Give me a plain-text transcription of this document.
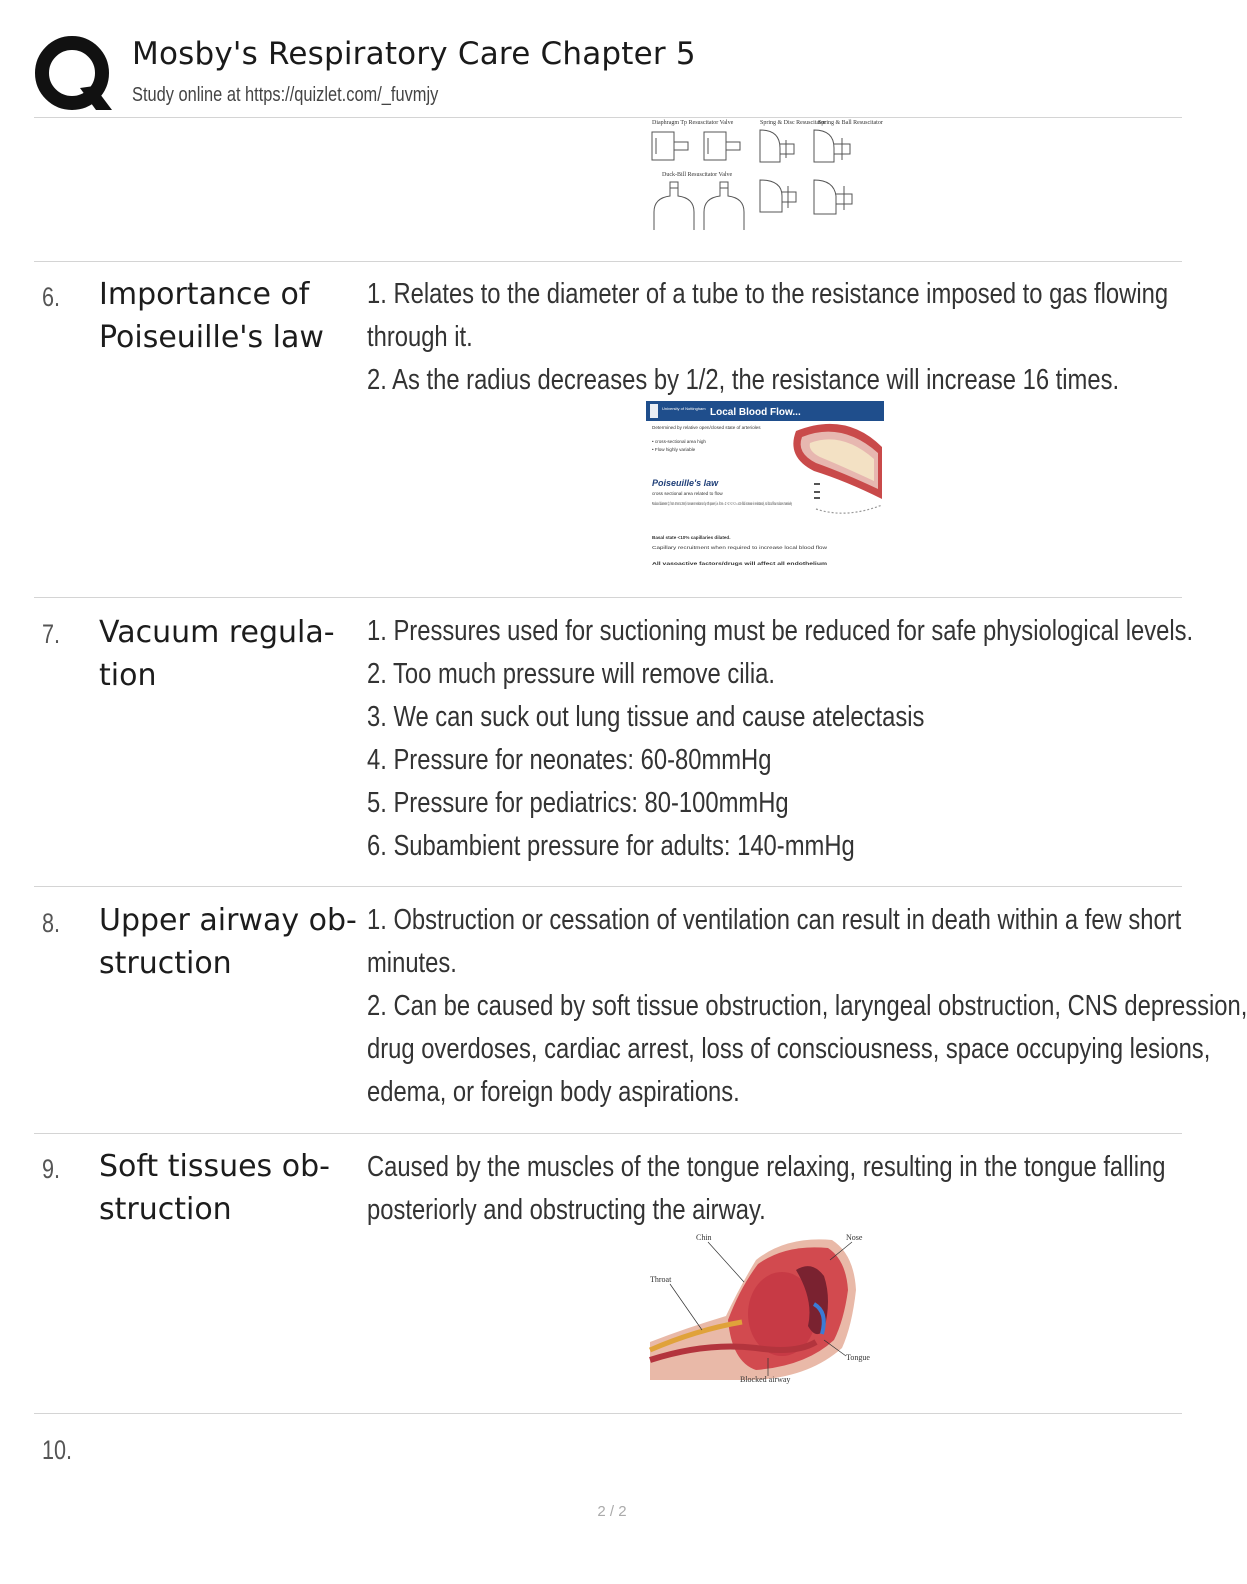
Mosby's Respiratory Care Chapter 5
Study online at https://quizlet.com/_fuvmjy
Diaphragm Tp Resuscitator Valve	Spring & Disc Resuscitator
Spring & Ball Resuscitator
Duck-Bill Resuscitator Valve
6. Importance of
Poiseuille's law
1. Relates to the diameter of a tube to the resistance imposed to gas flowing
through it.
2. As the radius decreases by 1/2, the resistance will increase 16 times.
University of Nottingham Local Blood Flow...
Determined by relative open/closed state of arterioles
• cross-sectional area high
• Flow highly variable
Poiseuille's law
cross sectional area related to flow
Reduced diameter (2, from 4mm to 2mm) increases resistance by 4th power (i.e. from = 2 × 2 × 2 × 2 = a 16-fold increase in resistance), so blood flow reduces massively
Basal state <10% capillaries dilated.
Capillary recruitment when required to increase local blood flow
All vasoactive factors/drugs will affect all endothelium
7. Vacuum regula-
tion
1. Pressures used for suctioning must be reduced for safe physiological levels.
2. Too much pressure will remove cilia.
3. We can suck out lung tissue and cause atelectasis
4. Pressure for neonates: 60-80mmHg
5. Pressure for pediatrics: 80-100mmHg
6. Subambient pressure for adults: 140-mmHg
8. Upper airway ob-
struction
1. Obstruction or cessation of ventilation can result in death within a few short
minutes.
2. Can be caused by soft tissue obstruction, laryngeal obstruction, CNS depression,
drug overdoses, cardiac arrest, loss of consciousness, space occupying lesions,
edema, or foreign body aspirations.
9. Soft tissues ob-
struction
Caused by the muscles of the tongue relaxing, resulting in the tongue falling
posteriorly and obstructing the airway.
Chin	Nose
Throat
Tongue
Blocked airway
10.
2 / 2
